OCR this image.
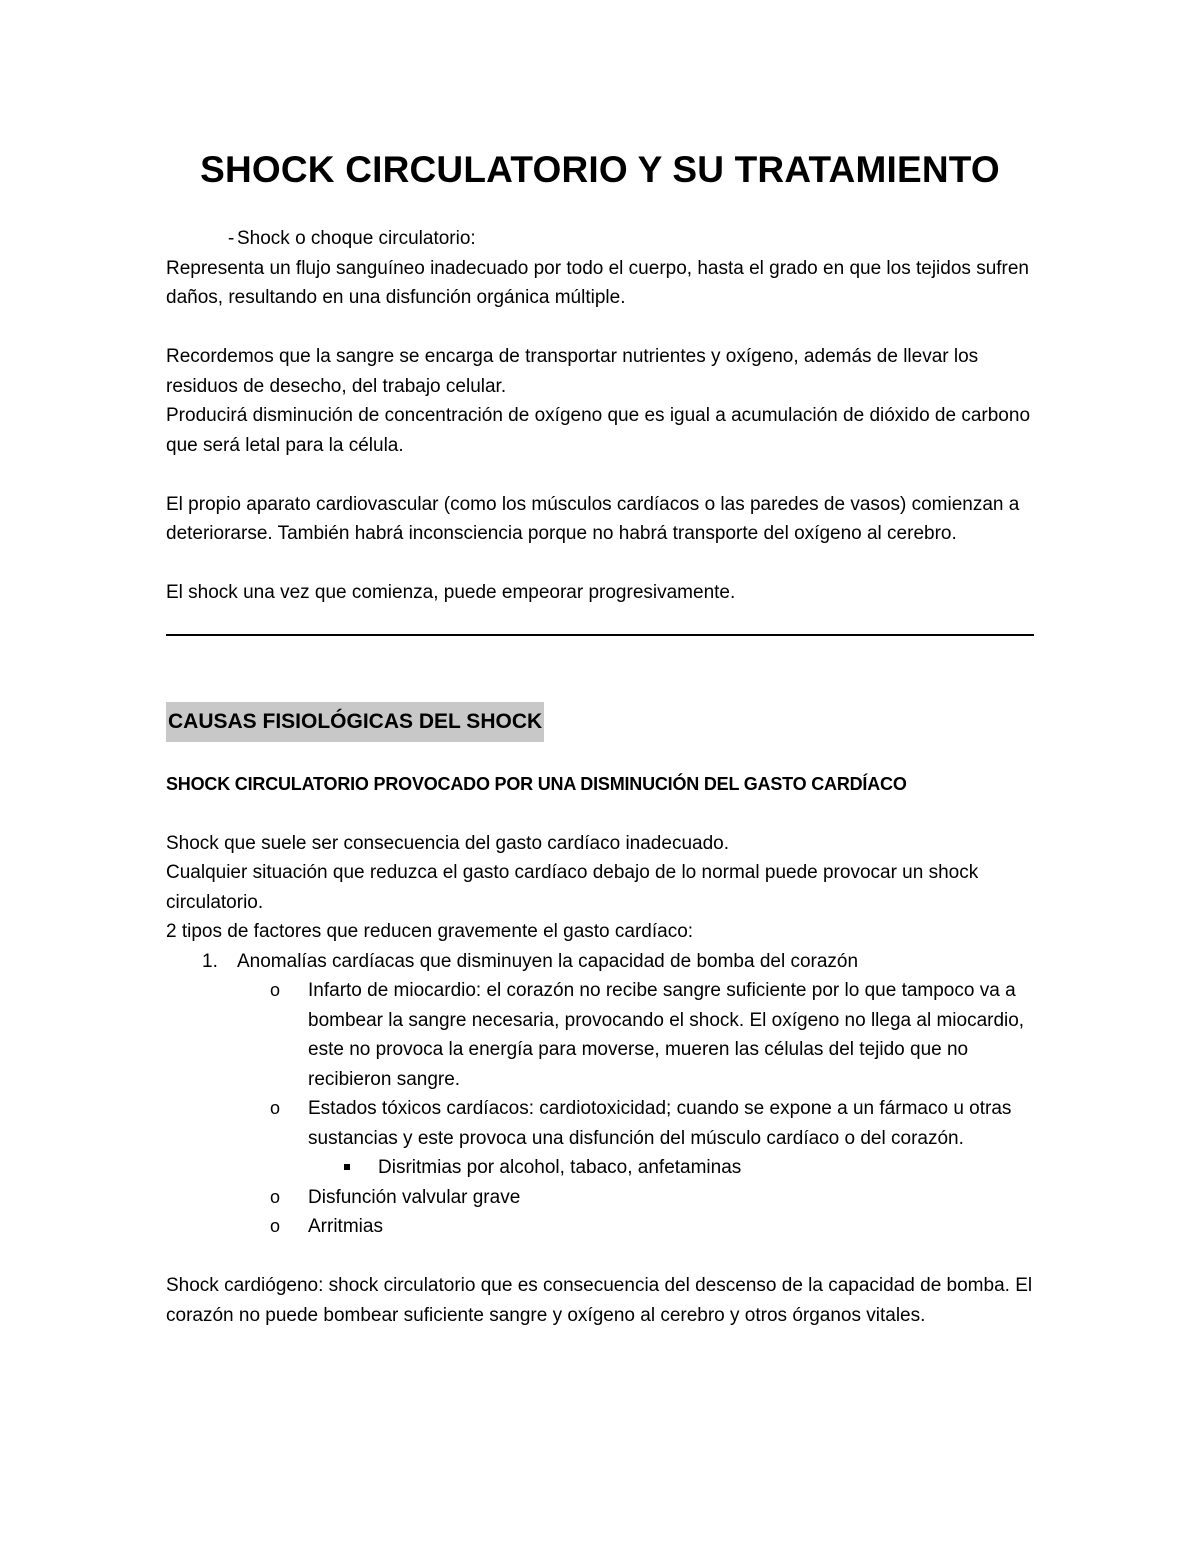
SHOCK CIRCULATORIO Y SU TRATAMIENTO
- Shock o choque circulatorio:

Representa un flujo sanguíneo inadecuado por todo el cuerpo, hasta el grado en que los tejidos sufren daños, resultando en una disfunción orgánica múltiple.

Recordemos que la sangre se encarga de transportar nutrientes y oxígeno, además de llevar los residuos de desecho, del trabajo celular.

Producirá disminución de concentración de oxígeno que es igual a acumulación de dióxido de carbono que será letal para la célula.

El propio aparato cardiovascular (como los músculos cardíacos o las paredes de vasos) comienzan a deteriorarse. También habrá inconsciencia porque no habrá transporte del oxígeno al cerebro.

El shock una vez que comienza, puede empeorar progresivamente.

CAUSAS FISIOLÓGICAS DEL SHOCK
SHOCK CIRCULATORIO PROVOCADO POR UNA DISMINUCIÓN DEL GASTO CARDÍACO

Shock que suele ser consecuencia del gasto cardíaco inadecuado.

Cualquier situación que reduzca el gasto cardíaco debajo de lo normal puede provocar un shock circulatorio.

2 tipos de factores que reducen gravemente el gasto cardíaco:

1. Anomalías cardíacas que disminuyen la capacidad de bomba del corazón
o Infarto de miocardio: el corazón no recibe sangre suficiente por lo que tampoco va a bombear la sangre necesaria, provocando el shock. El oxígeno no llega al miocardio, este no provoca la energía para moverse, mueren las células del tejido que no recibieron sangre.
o Estados tóxicos cardíacos: cardiotoxicidad; cuando se expone a un fármaco u otras sustancias y este provoca una disfunción del músculo cardíaco o del corazón.
Disritmias por alcohol, tabaco, anfetaminas
o Disfunción valvular grave
o Arritmias

Shock cardiógeno: shock circulatorio que es consecuencia del descenso de la capacidad de bomba. El corazón no puede bombear suficiente sangre y oxígeno al cerebro y otros órganos vitales.
